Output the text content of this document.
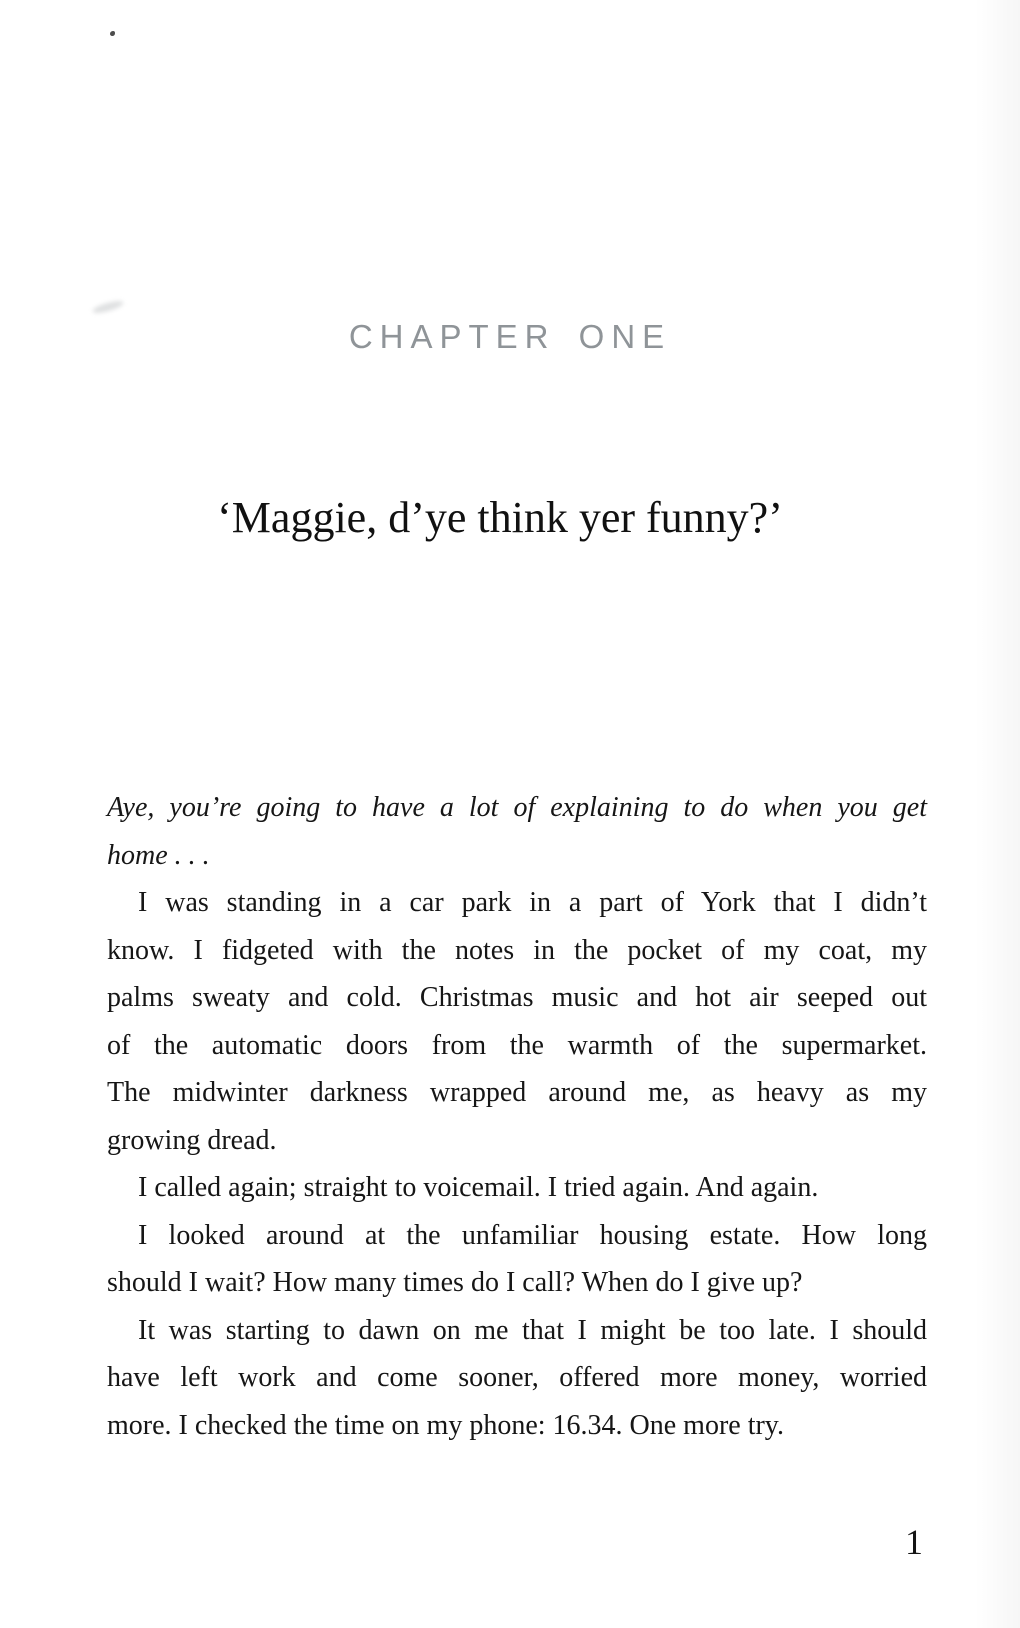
CHAPTER ONE
‘Maggie, d’ye think yer funny?’
Aye, you’re going to have a lot of explaining to do when you get
home . . .
I was standing in a car park in a part of York that I didn’t
know. I fidgeted with the notes in the pocket of my coat, my
palms sweaty and cold. Christmas music and hot air seeped out
of the automatic doors from the warmth of the supermarket.
The midwinter darkness wrapped around me, as heavy as my
growing dread.
I called again; straight to voicemail. I tried again. And again.
I looked around at the unfamiliar housing estate. How long
should I wait? How many times do I call? When do I give up?
It was starting to dawn on me that I might be too late. I should
have left work and come sooner, offered more money, worried
more. I checked the time on my phone: 16.34. One more try.
1
